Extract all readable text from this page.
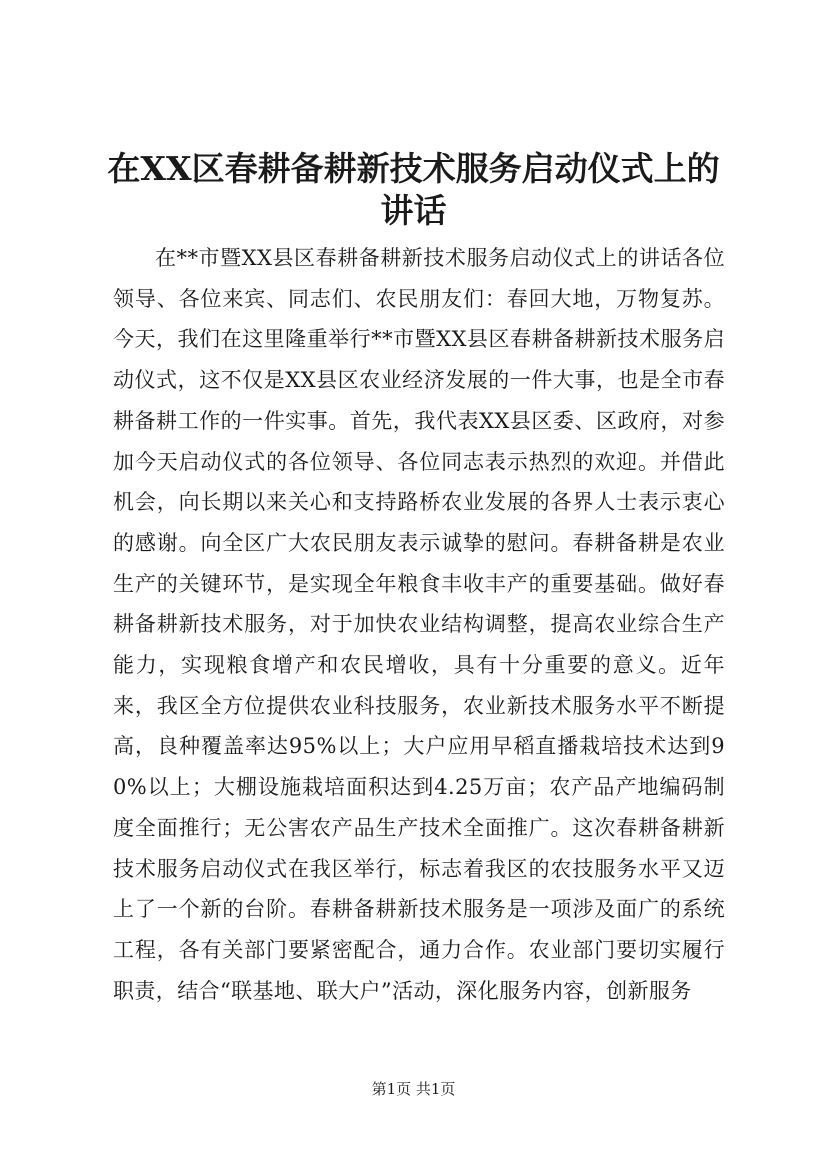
在XX区春耕备耕新技术服务启动仪式上的讲话

在**市暨XX县区春耕备耕新技术服务启动仪式上的讲话各位领导、各位来宾、同志们、农民朋友们：春回大地，万物复苏。今天，我们在这里隆重举行**市暨XX县区春耕备耕新技术服务启动仪式，这不仅是XX县区农业经济发展的一件大事，也是全市春耕备耕工作的一件实事。首先，我代表XX县区委、区政府，对参加今天启动仪式的各位领导、各位同志表示热烈的欢迎。并借此机会，向长期以来关心和支持路桥农业发展的各界人士表示衷心的感谢。向全区广大农民朋友表示诚挚的慰问。春耕备耕是农业生产的关键环节，是实现全年粮食丰收丰产的重要基础。做好春耕备耕新技术服务，对于加快农业结构调整，提高农业综合生产能力，实现粮食增产和农民增收，具有十分重要的意义。近年来，我区全方位提供农业科技服务，农业新技术服务水平不断提高，良种覆盖率达95%以上；大户应用早稻直播栽培技术达到90%以上；大棚设施栽培面积达到4.25万亩；农产品产地编码制度全面推行；无公害农产品生产技术全面推广。这次春耕备耕新技术服务启动仪式在我区举行，标志着我区的农技服务水平又迈上了一个新的台阶。春耕备耕新技术服务是一项涉及面广的系统工程，各有关部门要紧密配合，通力合作。农业部门要切实履行职责，结合“联基地、联大户”活动，深化服务内容，创新服务

第1页 共1页
